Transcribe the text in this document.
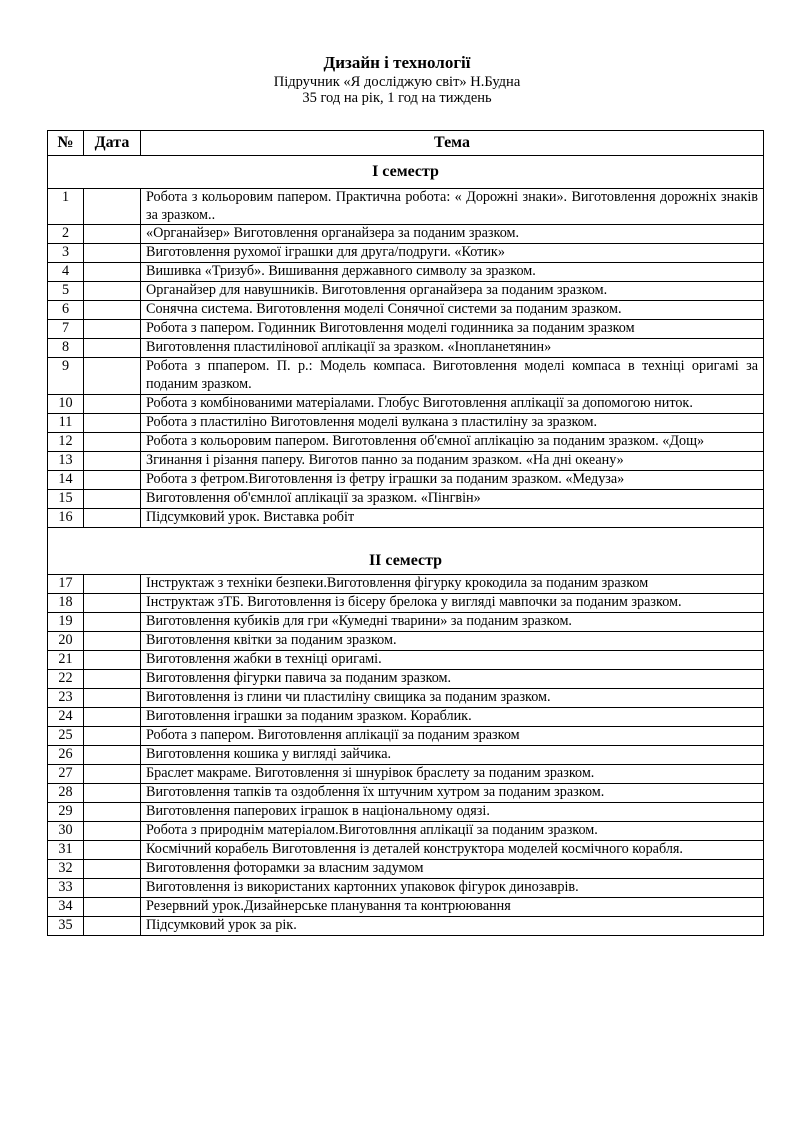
Дизайн і технології
Підручник «Я досліджую світ» Н.Будна
35 год на рік, 1 год на тиждень
№	Дата	Тема
І семестр		
1		Робота з кольоровим папером. Практична робота: « Дорожні знаки». Виготовлення дорожніх знаків за зразком..
2		«Органайзер» Виготовлення органайзера за поданим зразком.
3		Виготовлення рухомої іграшки для друга/подруги. «Котик»
4		Вишивка «Тризуб». Вишивання державного символу за зразком.
5		Органайзер для навушників. Виготовлення органайзера за поданим зразком.
6		Сонячна система. Виготовлення моделі Сонячної системи за поданим зразком.
7		Робота з папером. Годинник Виготовлення моделі годинника за поданим зразком
8		Виготовлення пластилінової аплікації за зразком. «Інопланетянин»
9		Робота з ппапером. П. р.: Модель компаса. Виготовлення моделі компаса в техніці оригамі за поданим зразком.
10		Робота з комбінованими матеріалами. Глобус Виготовлення аплікації за допомогою ниток.
11		Робота з пластиліно Виготовлення моделі вулкана з пластиліну за зразком.
12		Робота з кольоровим папером. Виготовлення об'ємної аплікацію за поданим зразком. «Дощ»
13		Згинання і різання паперу. Виготов панно за поданим зразком. «На дні океану»
14		Робота з фетром.Виготовлення із фетру іграшки за поданим зразком. «Медуза»
15		Виготовлення об'ємнлої аплікації за зразком. «Пінгвін»
16		Підсумковий урок. Виставка робіт
ІІ семестр		
17		Інструктаж з техніки безпеки.Виготовлення фігурку крокодила за поданим зразком
18		Інструктаж зТБ. Виготовлення із бісеру брелока у вигляді мавпочки за поданим зразком.
19		Виготовлення кубиків для гри «Кумедні тварини» за поданим зразком.
20		Виготовлення квітки за поданим зразком.
21		Виготовлення жабки в техніці оригамі.
22		Виготовлення фігурки павича за поданим зразком.
23		Виготовлення із глини чи пластиліну свищика за поданим зразком.
24		Виготовлення іграшки за поданим зразком. Кораблик.
25		Робота з папером. Виготовлення аплікації за поданим зразком
26		Виготовлення кошика у вигляді зайчика.
27		Браслет макраме. Виготовлення зі шнурівок браслету за поданим зразком.
28		Виготовлення тапків та оздоблення їх штучним хутром за поданим зразком.
29		Виготовлення паперових іграшок в національному одязі.
30		Робота з природнім матеріалом.Виготовлння аплікації за поданим зразком.
31		Космічний корабель Виготовлення із деталей конструктора моделей космічного корабля.
32		Виготовлення фоторамки за власним задумом
33		Виготовлення із використаних картонних упаковок фігурок динозаврів.
34		Резервний урок.Дизайнерське планування та контрюювання
35		Підсумковий урок за рік.
